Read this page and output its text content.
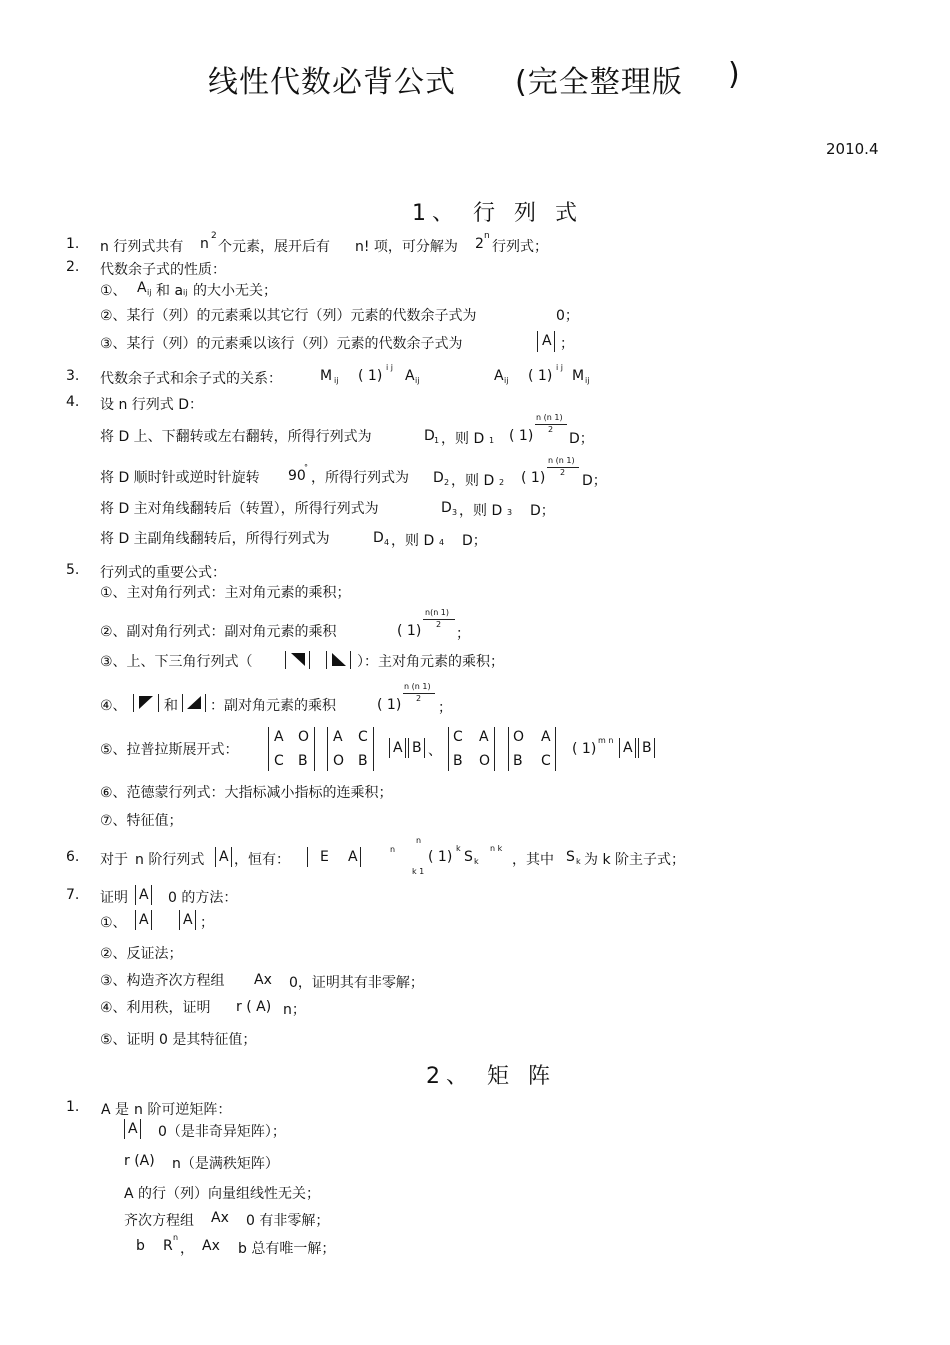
线性代数必背公式 (完全整理版 )
2010.4
1、 行 列 式
1. n 行列式共有 n 2
个元素，展开后有 n! 项，可分解为 2 n
行列式；
2. 代数余子式的性质：
①、 A ij 和 a ij 的大小无关；
②、某行（列）的元素乘以其它行（列）元素的代数余子式为	0；
③、某行（列）的元素乘以该行（列）元素的代数余子式为	A ；
3. 代数余子式和余子式的关系：	M ij ( 1)
i j
A ij	A ij ( 1)
i j
M ij
4. 设 n 行列式 D：
将 D 上、下翻转或左右翻转，所得行列式为	D 1 ，则 D 1 ( 1)
n (n 1)
2
D；
将 D 顺时针或逆时针旋转 90
°
，所得行列式为 D 2 ，则 D 2 ( 1)
n (n 1)
2
D；
将 D 主对角线翻转后（转置），所得行列式为	D 3 ，则 D 3 D；
将 D 主副角线翻转后，所得行列式为	D 4 ，则 D 4 D；
5. 行列式的重要公式：
①、主对角行列式：主对角元素的乘积；
②、副对角行列式：副对角元素的乘积	( 1)
n(n 1)
2
；
③、上、下三角行列式（	）：主对角元素的乘积；
④、	和 ：副对角元素的乘积	( 1)
n (n 1)
2
；
⑤、拉普拉斯展开式：
A O
C B
A C
O B
A B 、
C A
B O
O A
B C
( 1)
m n A B
⑥、范德蒙行列式：大指标减小指标的连乘积；
⑦、特征值；
6. 对于 n 阶行列式 A ，恒有： E A	n
n
k 1
( 1)
k
S k
n k
，其中 S k 为 k 阶主子式；
7. 证明 A 0 的方法：
①、 A A ；
②、反证法；
③、构造齐次方程组 Ax 0，证明其有非零解；
④、利用秩，证明 r ( A) n；
⑤、证明 0 是其特征值；
2、 矩 阵
1. A 是 n 阶可逆矩阵：
A 0（是非奇异矩阵）；
r (A) n（是满秩矩阵）
A 的行（列）向量组线性无关；
齐次方程组 Ax 0 有非零解；
b R
n
， Ax b 总有唯一解；
